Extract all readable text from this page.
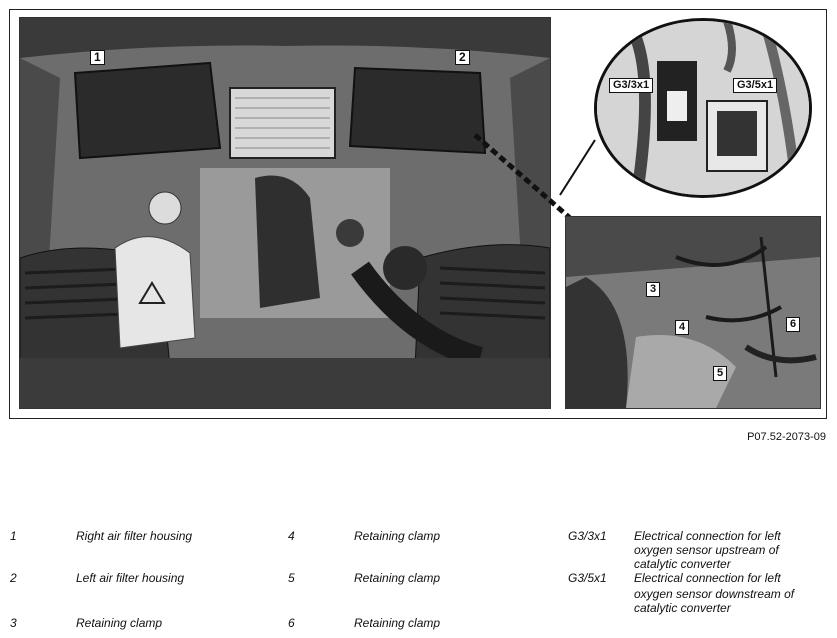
1	2
3
4
5
6
G3/3x1	G3/5x1
P07.52-2073-09
1	Right air filter housing
2	Left air filter housing
3	Retaining clamp
4	Retaining clamp
5	Retaining clamp
6	Retaining clamp
G3/3x1 Electrical connection for left
oxygen sensor upstream of
catalytic converter
G3/5x1 Electrical connection for left
oxygen sensor downstream of
catalytic converter
